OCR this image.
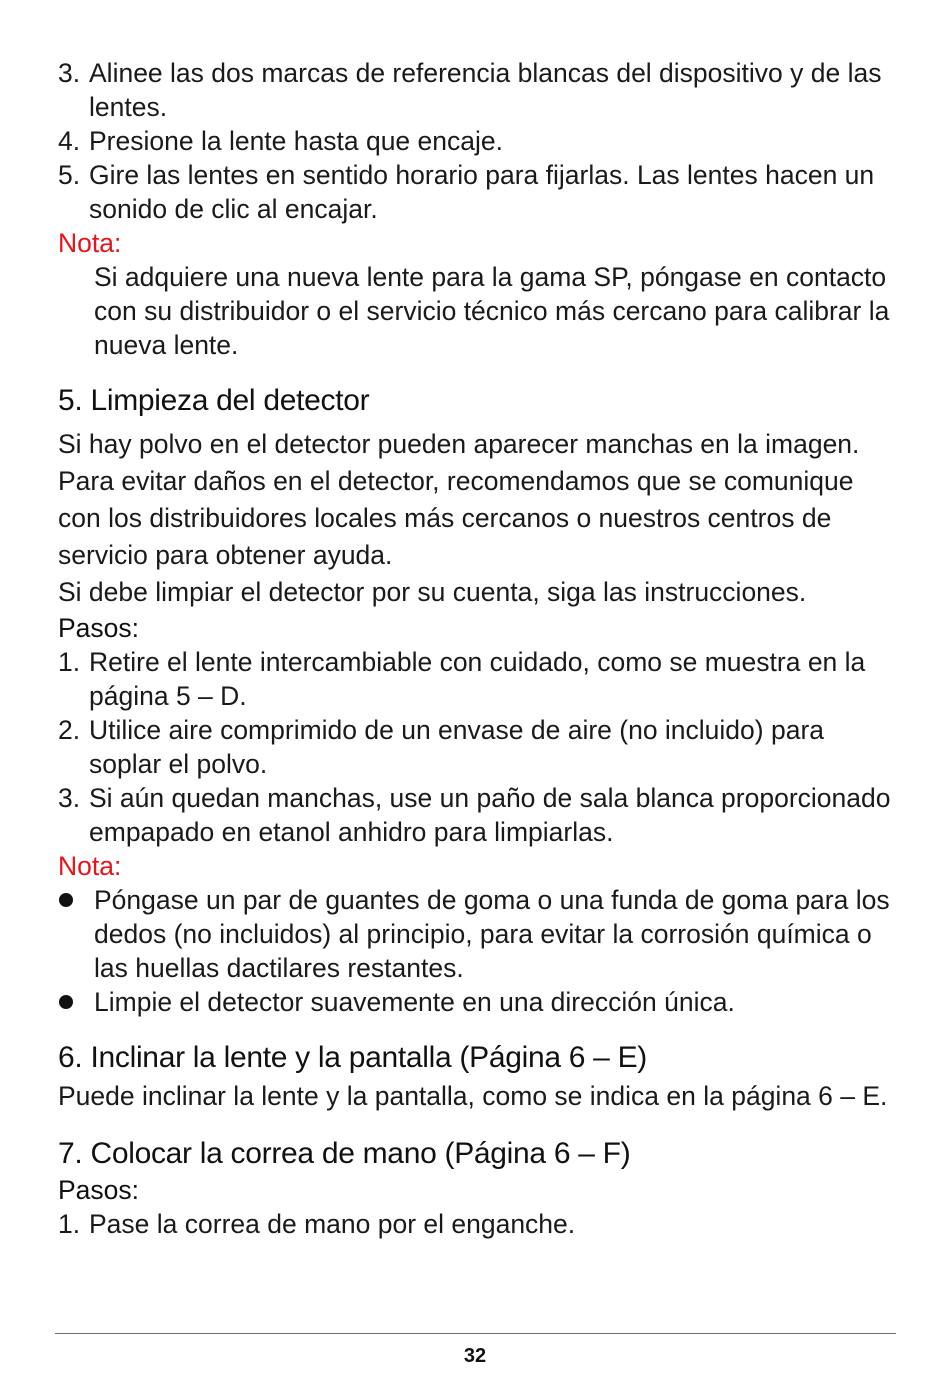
3. Alinee las dos marcas de referencia blancas del dispositivo y de las lentes.
4. Presione la lente hasta que encaje.
5. Gire las lentes en sentido horario para fijarlas. Las lentes hacen un sonido de clic al encajar.
Nota:
Si adquiere una nueva lente para la gama SP, póngase en contacto con su distribuidor o el servicio técnico más cercano para calibrar la nueva lente.
5. Limpieza del detector

Si hay polvo en el detector pueden aparecer manchas en la imagen. Para evitar daños en el detector, recomendamos que se comunique con los distribuidores locales más cercanos o nuestros centros de servicio para obtener ayuda.

Si debe limpiar el detector por su cuenta, siga las instrucciones.

Pasos:
1. Retire el lente intercambiable con cuidado, como se muestra en la página 5 – D.
2. Utilice aire comprimido de un envase de aire (no incluido) para soplar el polvo.
3. Si aún quedan manchas, use un paño de sala blanca proporcionado empapado en etanol anhidro para limpiarlas.
Nota:
Póngase un par de guantes de goma o una funda de goma para los dedos (no incluidos) al principio, para evitar la corrosión química o las huellas dactilares restantes.
Limpie el detector suavemente en una dirección única.
6. Inclinar la lente y la pantalla (Página 6 – E)
Puede inclinar la lente y la pantalla, como se indica en la página 6 – E.
7. Colocar la correa de mano (Página 6 – F)
Pasos:
1. Pase la correa de mano por el enganche.
32
